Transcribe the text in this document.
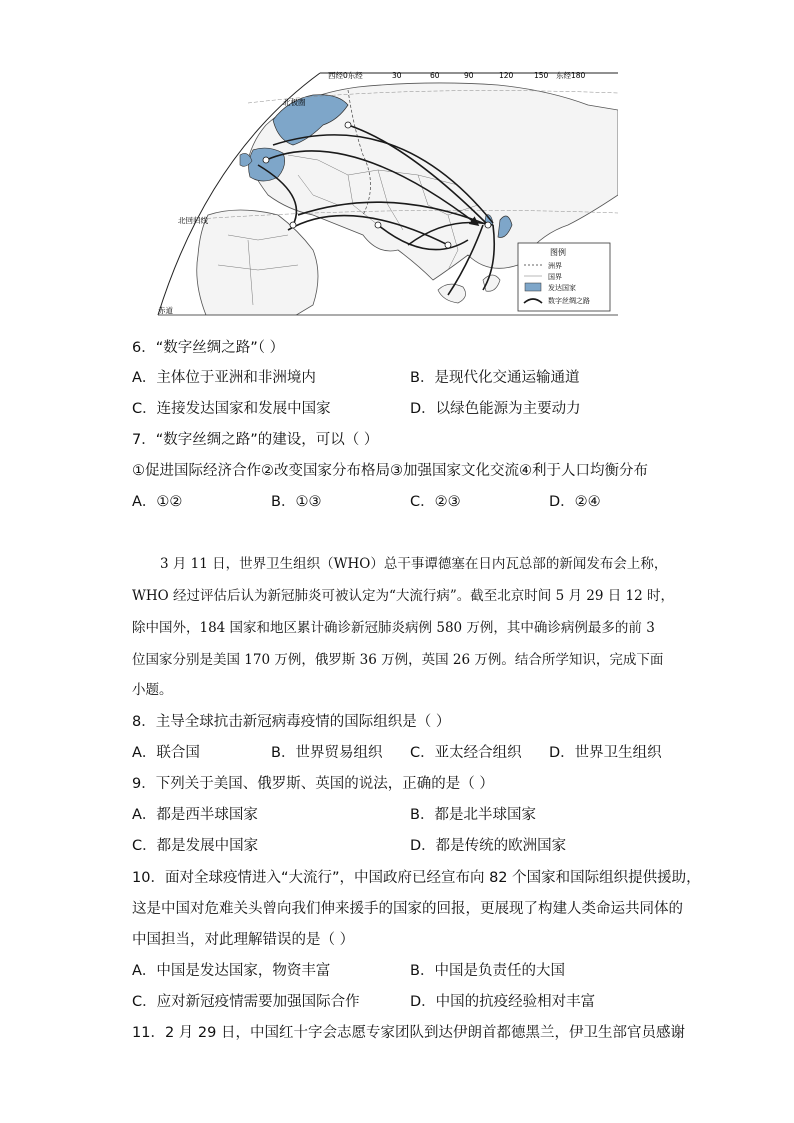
西经0东经	30	60	90	120	150 东经180
北极圈
北回归线
赤道
图例
洲界
国界
发达国家
数字丝绸之路
6．“数字丝绸之路”（ ）
A．主体位于亚洲和非洲境内	B．是现代化交通运输通道
C．连接发达国家和发展中国家	D．以绿色能源为主要动力
7．“数字丝绸之路”的建设，可以（ ）
①促进国际经济合作②改变国家分布格局③加强国家文化交流④利于人口均衡分布
A．①②	B．①③	C．②③	D．②④
3 月 11 日，世界卫生组织（WHO）总干事谭德塞在日内瓦总部的新闻发布会上称，
WHO 经过评估后认为新冠肺炎可被认定为“大流行病”。截至北京时间 5 月 29 日 12 时，
除中国外，184 国家和地区累计确诊新冠肺炎病例 580 万例，其中确诊病例最多的前 3
位国家分别是美国 170 万例，俄罗斯 36 万例，英国 26 万例。结合所学知识，完成下面
小题。
8．主导全球抗击新冠病毒疫情的国际组织是（ ）
A．联合国	B．世界贸易组织 C．亚太经合组织 D．世界卫生组织
9．下列关于美国、俄罗斯、英国的说法，正确的是（ ）
A．都是西半球国家	B．都是北半球国家
C．都是发展中国家	D．都是传统的欧洲国家
10．面对全球疫情进入“大流行”，中国政府已经宣布向 82 个国家和国际组织提供援助，
这是中国对危难关头曾向我们伸来援手的国家的回报，更展现了构建人类命运共同体的
中国担当，对此理解错误的是（ ）
A．中国是发达国家，物资丰富	B．中国是负责任的大国
C．应对新冠疫情需要加强国际合作	D．中国的抗疫经验相对丰富
11．2 月 29 日，中国红十字会志愿专家团队到达伊朗首都德黑兰，伊卫生部官员感谢
